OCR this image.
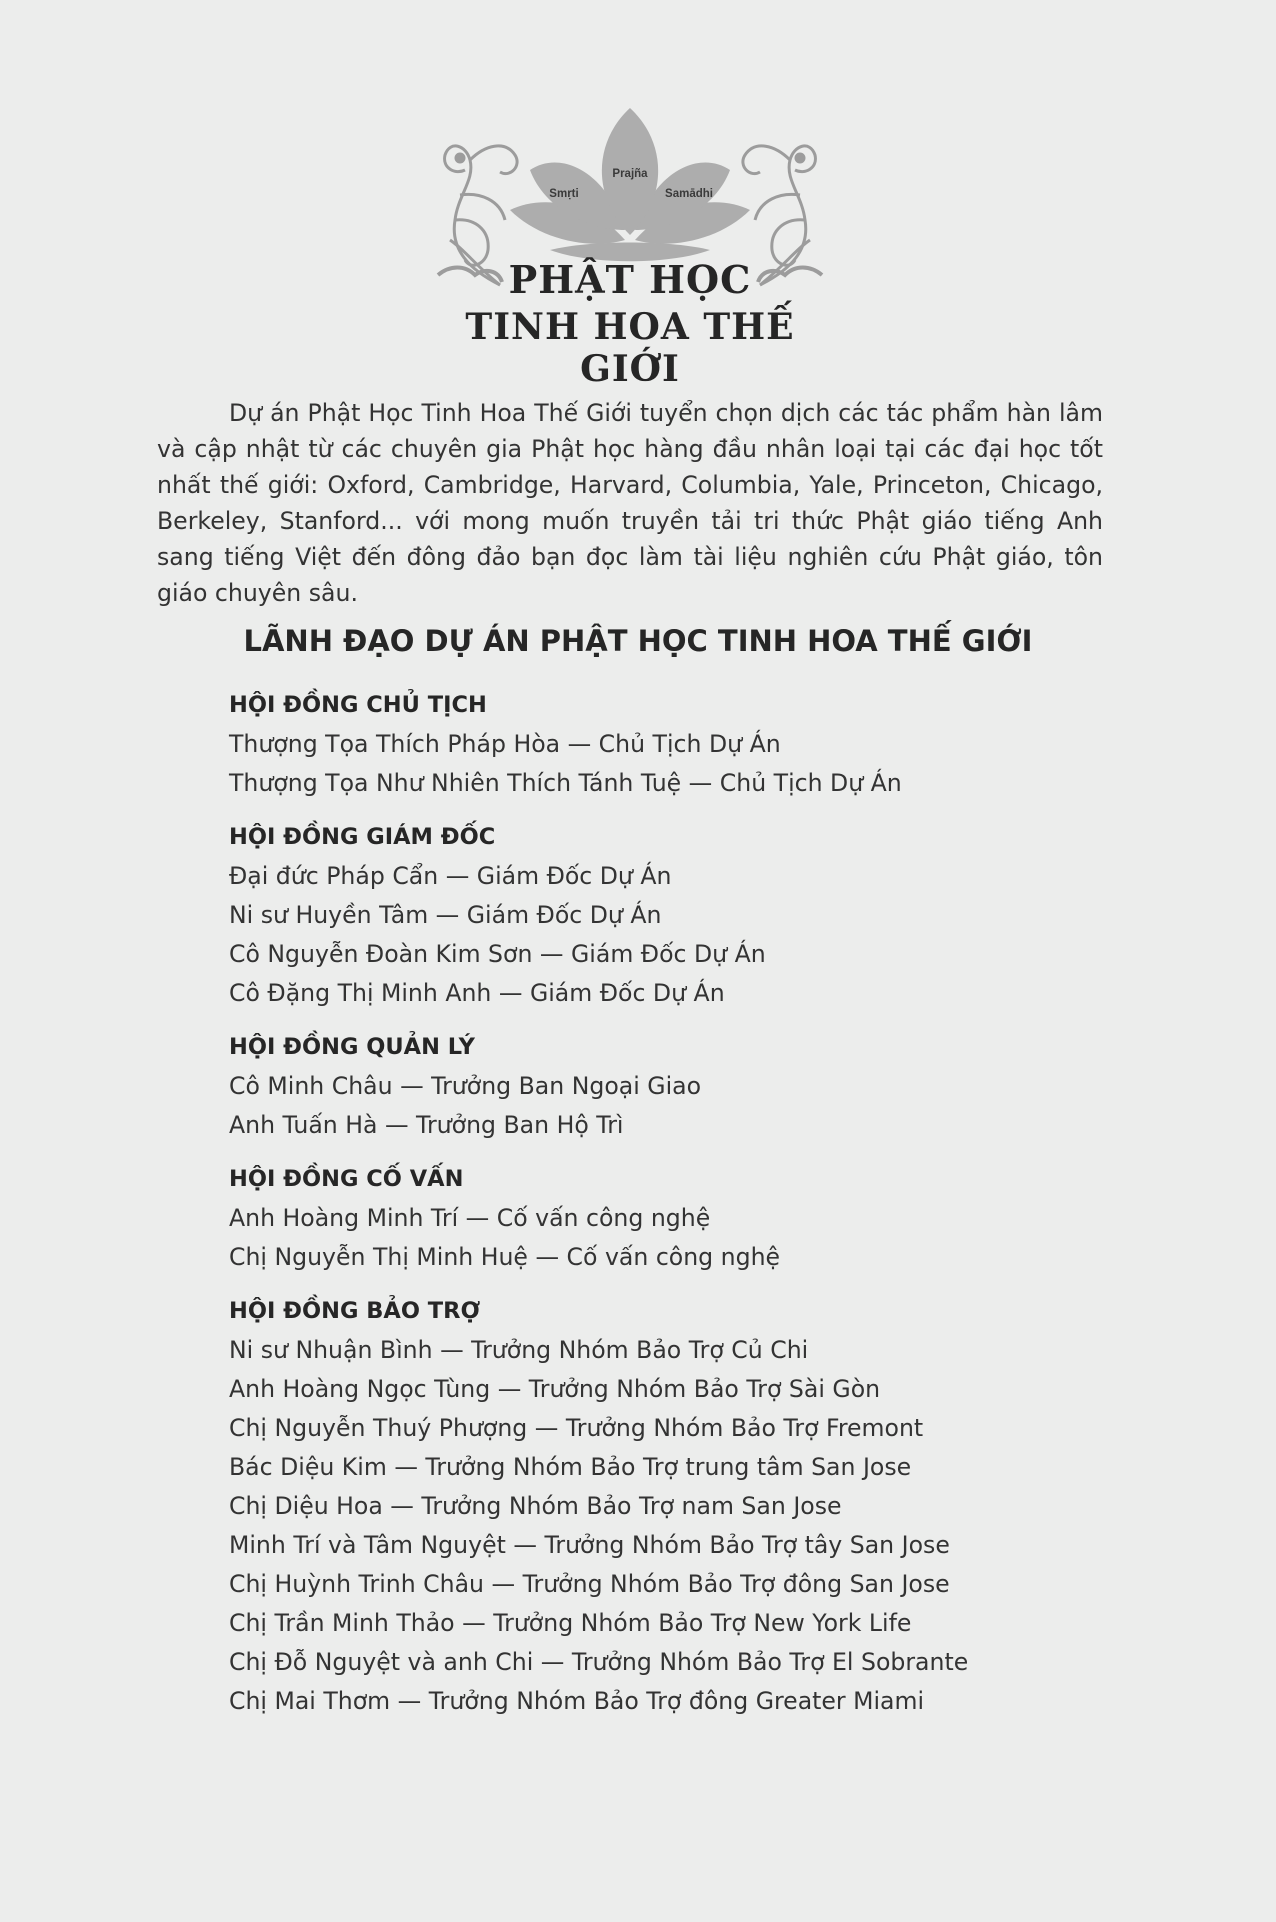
Prajña
Smṛti	Samādhi
PHẬT HỌC
TINH HOA THẾ GIỚI

Dự án Phật Học Tinh Hoa Thế Giới tuyển chọn dịch các tác phẩm hàn lâm và cập nhật từ các chuyên gia Phật học hàng đầu nhân loại tại các đại học tốt nhất thế giới: Oxford, Cambridge, Harvard, Columbia, Yale, Princeton, Chicago, Berkeley, Stanford... với mong muốn truyền tải tri thức Phật giáo tiếng Anh sang tiếng Việt đến đông đảo bạn đọc làm tài liệu nghiên cứu Phật giáo, tôn giáo chuyên sâu.

LÃNH ĐẠO DỰ ÁN PHẬT HỌC TINH HOA THẾ GIỚI
HỘI ĐỒNG CHỦ TỊCH
Thượng Tọa Thích Pháp Hòa — Chủ Tịch Dự Án
Thượng Tọa Như Nhiên Thích Tánh Tuệ — Chủ Tịch Dự Án
HỘI ĐỒNG GIÁM ĐỐC
Đại đức Pháp Cẩn — Giám Đốc Dự Án
Ni sư Huyền Tâm — Giám Đốc Dự Án
Cô Nguyễn Đoàn Kim Sơn — Giám Đốc Dự Án
Cô Đặng Thị Minh Anh — Giám Đốc Dự Án
HỘI ĐỒNG QUẢN LÝ
Cô Minh Châu — Trưởng Ban Ngoại Giao
Anh Tuấn Hà — Trưởng Ban Hộ Trì
HỘI ĐỒNG CỐ VẤN
Anh Hoàng Minh Trí — Cố vấn công nghệ
Chị Nguyễn Thị Minh Huệ — Cố vấn công nghệ
HỘI ĐỒNG BẢO TRỢ
Ni sư Nhuận Bình — Trưởng Nhóm Bảo Trợ Củ Chi
Anh Hoàng Ngọc Tùng — Trưởng Nhóm Bảo Trợ Sài Gòn
Chị Nguyễn Thuý Phượng — Trưởng Nhóm Bảo Trợ Fremont
Bác Diệu Kim — Trưởng Nhóm Bảo Trợ trung tâm San Jose
Chị Diệu Hoa — Trưởng Nhóm Bảo Trợ nam San Jose
Minh Trí và Tâm Nguyệt — Trưởng Nhóm Bảo Trợ tây San Jose
Chị Huỳnh Trinh Châu — Trưởng Nhóm Bảo Trợ đông San Jose
Chị Trần Minh Thảo — Trưởng Nhóm Bảo Trợ New York Life
Chị Đỗ Nguyệt và anh Chi — Trưởng Nhóm Bảo Trợ El Sobrante
Chị Mai Thơm — Trưởng Nhóm Bảo Trợ đông Greater Miami
